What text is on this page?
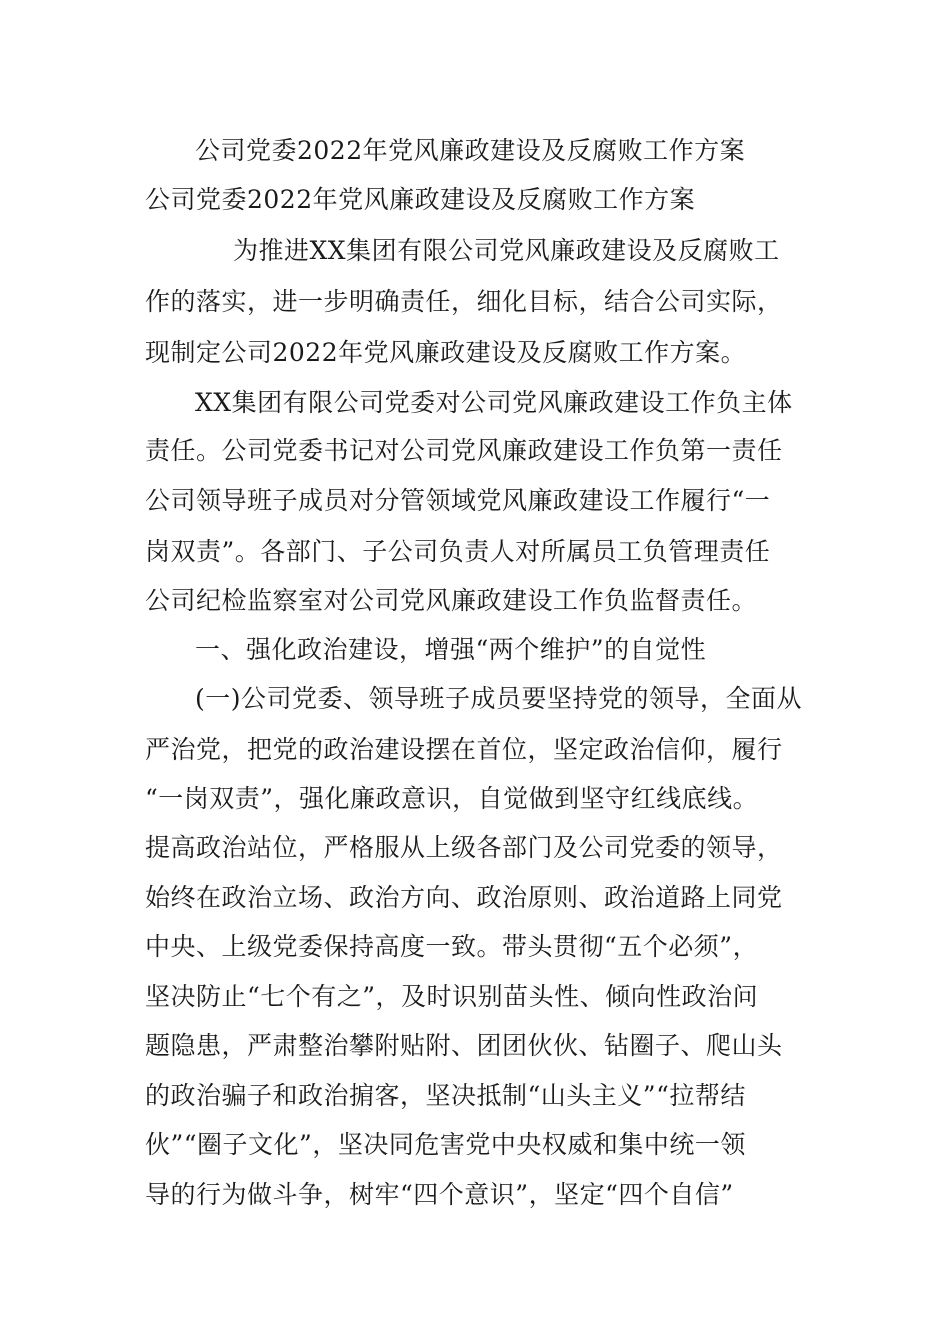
公司党委2022年党风廉政建设及反腐败工作方案
公司党委2022年党风廉政建设及反腐败工作方案
为推进XX集团有限公司党风廉政建设及反腐败工
作的落实，进一步明确责任，细化目标，结合公司实际，
现制定公司2022年党风廉政建设及反腐败工作方案。
XX集团有限公司党委对公司党风廉政建设工作负主体
责任。公司党委书记对公司党风廉政建设工作负第一责任
公司领导班子成员对分管领域党风廉政建设工作履行“一
岗双责”。各部门、子公司负责人对所属员工负管理责任
公司纪检监察室对公司党风廉政建设工作负监督责任。
一、强化政治建设，增强“两个维护”的自觉性
(一)公司党委、领导班子成员要坚持党的领导，全面从
严治党，把党的政治建设摆在首位，坚定政治信仰，履行
“一岗双责”，强化廉政意识，自觉做到坚守红线底线。
提高政治站位，严格服从上级各部门及公司党委的领导，
始终在政治立场、政治方向、政治原则、政治道路上同党
中央、上级党委保持高度一致。带头贯彻“五个必须”，
坚决防止“七个有之”，及时识别苗头性、倾向性政治问
题隐患，严肃整治攀附贴附、团团伙伙、钻圈子、爬山头
的政治骗子和政治掮客，坚决抵制“山头主义”“拉帮结
伙”“圈子文化”，坚决同危害党中央权威和集中统一领
导的行为做斗争，树牢“四个意识”，坚定“四个自信”
